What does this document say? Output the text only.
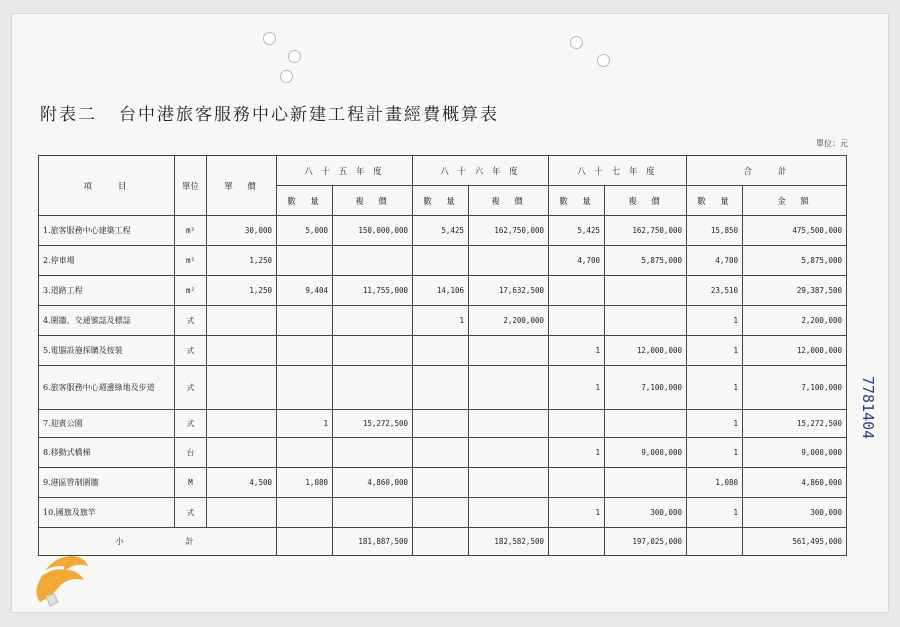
附表二 台中港旅客服務中心新建工程計畫經費概算表
單位：元
項　　目	單位	單　價	八 十 五 年 度		八 十 六 年 度		八 十 七 年 度		合　　計	
			數　量	複　價	數　量	複　價	數　量	複　價	數　量	金　額
1.旅客服務中心建築工程	m²	30,000	5,000	150,000,000	5,425	162,750,000	5,425	162,750,000	15,850	475,500,000
2.停車場	m²	1,250					4,700	5,875,000	4,700	5,875,000
3.道路工程	m²	1,250	9,404	11,755,000	14,106	17,632,500			23,510	29,387,500
4.圍牆、交通號誌及標誌	式				1	2,200,000			1	2,200,000
5.電腦設施採購及按裝	式						1	12,000,000	1	12,000,000
6.旅客服務中心週邊綠地及步道	式						1	7,100,000	1	7,100,000
7.迎賓公園	式		1	15,272,500					1	15,272,500
8.移動式橋梯	台						1	9,000,000	1	9,000,000
9.港區管制圍牆	M	4,500	1,080	4,860,000					1,080	4,860,000
10.國旗及旗竿	式						1	300,000	1	300,000
小　　　　計				181,887,500		182,582,500		197,025,000		561,495,000
